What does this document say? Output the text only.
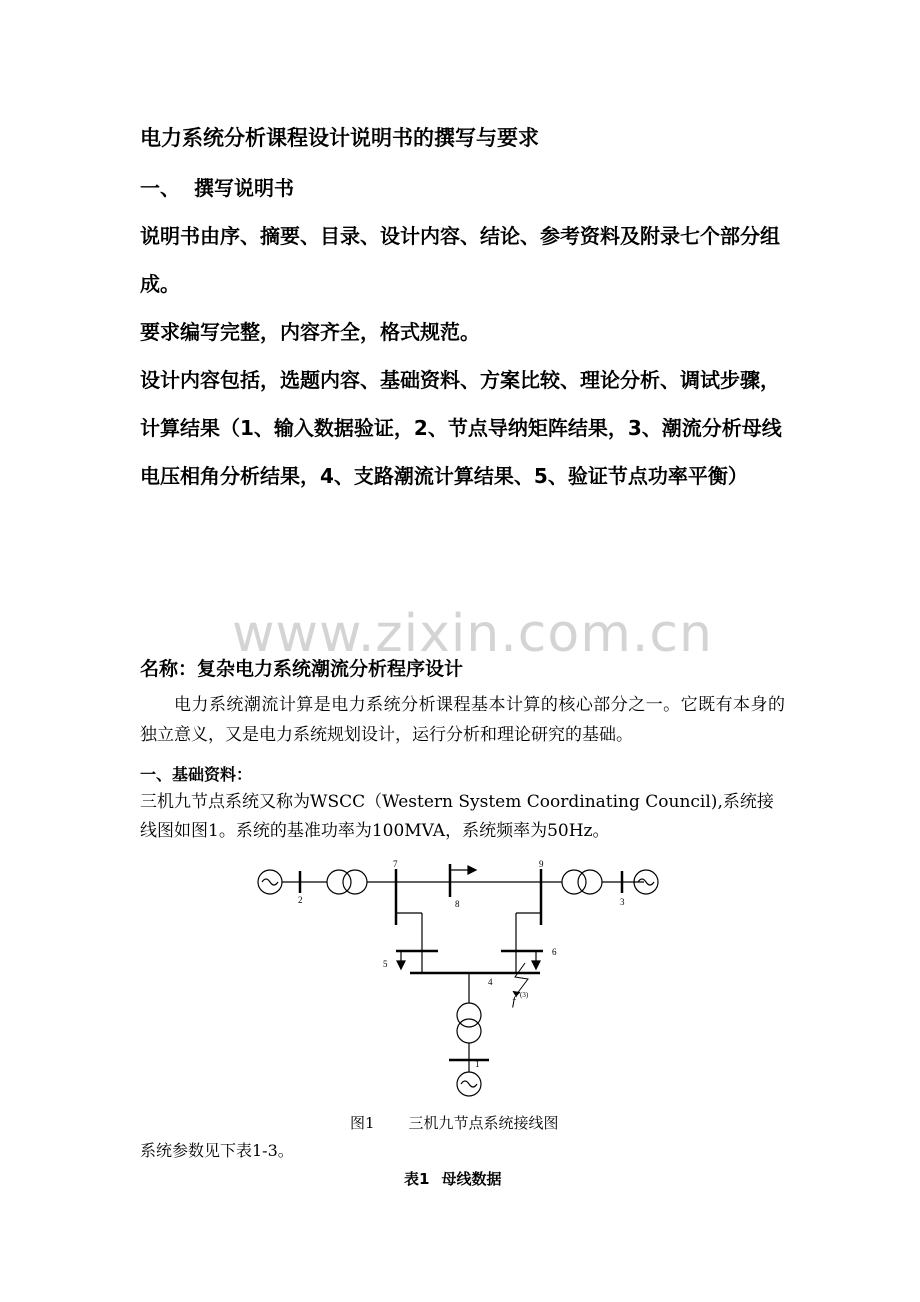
电力系统分析课程设计说明书的撰写与要求
一、 撰写说明书
说明书由序、摘要、目录、设计内容、结论、参考资料及附录七个部分组成。
要求编写完整，内容齐全，格式规范。
设计内容包括，选题内容、基础资料、方案比较、理论分析、调试步骤，计算结果（1、输入数据验证，2、节点导纳矩阵结果，3、潮流分析母线电压相角分析结果，4、支路潮流计算结果、5、验证节点功率平衡）
www.zixin.com.cn
名称：复杂电力系统潮流分析程序设计
电力系统潮流计算是电力系统分析课程基本计算的核心部分之一。它既有本身的独立意义，又是电力系统规划设计，运行分析和理论研究的基础。
一、基础资料：
三机九节点系统又称为WSCC（Western System Coordinating Council),系统接线图如图1。系统的基准功率为100MVA，系统频率为50Hz。
1
2	3
4
5
6
7
8
9
f (3)
图1 三机九节点系统接线图
系统参数见下表1-3。
表1 母线数据
